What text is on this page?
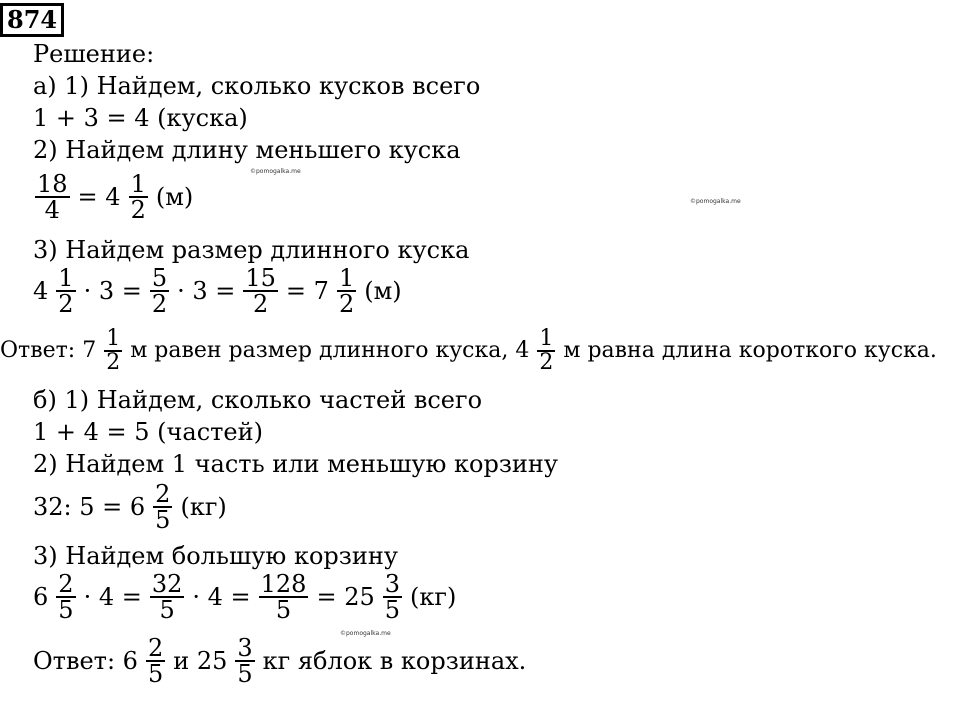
874
Решение:
а) 1) Найдем, сколько кусков всего
1 + 3 = 4 (куска)
2) Найдем длину меньшего куска
$\frac{18}{4} = 4 \frac{1}{2} (м)$
©pomogalka.me
©pomogalka.me
3) Найдем размер длинного куска
$4 \frac{1}{2} \cdot 3 = \frac{5}{2} \cdot 3 = \frac{15}{2} = 7 \frac{1}{2} (м)$
Ответ: $7 \frac{1}{2}$ м равен размер длинного куска, $4 \frac{1}{2}$ м равна длина короткого куска.
б) 1) Найдем, сколько частей всего
1 + 4 = 5 (частей)
2) Найдем 1 часть или меньшую корзину
32: $5 = 6 \frac{2}{5} (кг)$
3) Найдем большую корзину
$6 \frac{2}{5} \cdot 4 = \frac{32}{5} \cdot 4 = \frac{128}{5} = 25 \frac{3}{5} (кг)$
©pomogalka.me
Ответ: $6 \frac{2}{5}$ и $25 \frac{3}{5}$ кг яблок в корзинах.
